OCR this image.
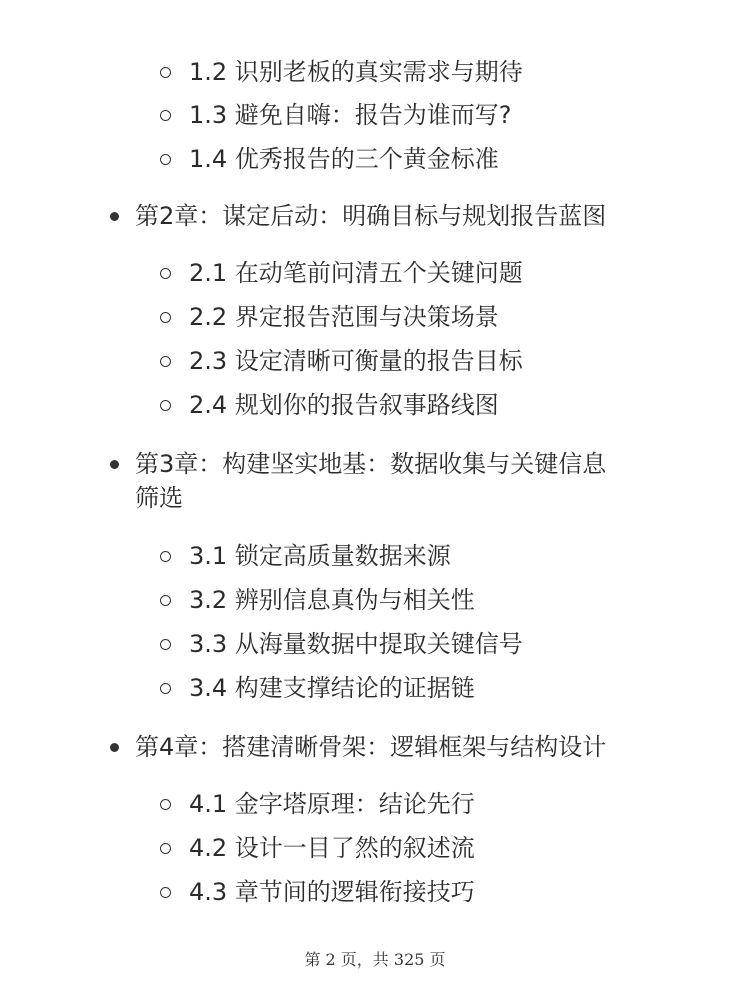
1.2 识别老板的真实需求与期待
1.3 避免自嗨：报告为谁而写?
1.4 优秀报告的三个黄金标准
第2章：谋定后动：明确目标与规划报告蓝图
2.1 在动笔前问清五个关键问题
2.2 界定报告范围与决策场景
2.3 设定清晰可衡量的报告目标
2.4 规划你的报告叙事路线图
第3章：构建坚实地基：数据收集与关键信息
筛选
3.1 锁定高质量数据来源
3.2 辨别信息真伪与相关性
3.3 从海量数据中提取关键信号
3.4 构建支撑结论的证据链
第4章：搭建清晰骨架：逻辑框架与结构设计
4.1 金字塔原理：结论先行
4.2 设计一目了然的叙述流
4.3 章节间的逻辑衔接技巧
第 2 页，共 325 页
